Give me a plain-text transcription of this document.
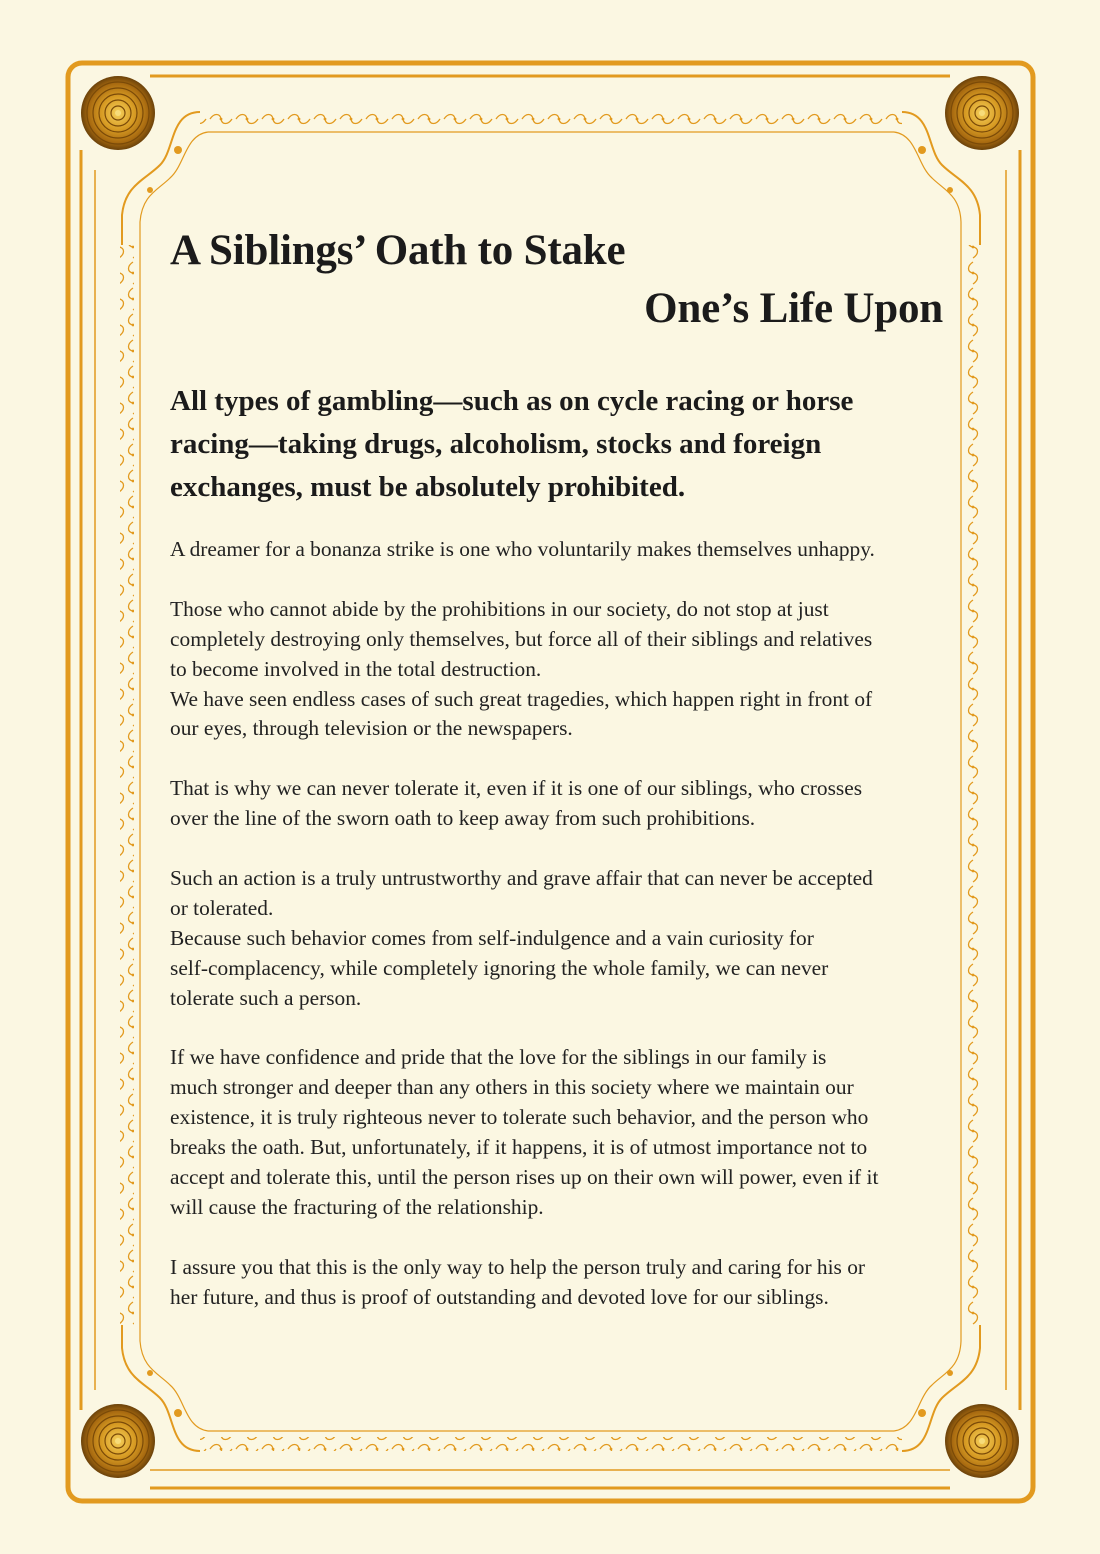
A Siblings’ Oath to Stake
One’s Life Upon

All types of gambling—such as on cycle racing or horse racing—taking drugs, alcoholism, stocks and foreign exchanges, must be absolutely prohibited.

A dreamer for a bonanza strike is one who voluntarily makes themselves unhappy.

Those who cannot abide by the prohibitions in our society, do not stop at just
completely destroying only themselves, but force all of their siblings and relatives
to become involved in the total destruction.
We have seen endless cases of such great tragedies, which happen right in front of
our eyes, through television or the newspapers.

That is why we can never tolerate it, even if it is one of our siblings, who crosses
over the line of the sworn oath to keep away from such prohibitions.

Such an action is a truly untrustworthy and grave affair that can never be accepted
or tolerated.
Because such behavior comes from self-indulgence and a vain curiosity for
self-complacency, while completely ignoring the whole family, we can never
tolerate such a person.

If we have confidence and pride that the love for the siblings in our family is
much stronger and deeper than any others in this society where we maintain our
existence, it is truly righteous never to tolerate such behavior, and the person who
breaks the oath. But, unfortunately, if it happens, it is of utmost importance not to
accept and tolerate this, until the person rises up on their own will power, even if it
will cause the fracturing of the relationship.

I assure you that this is the only way to help the person truly and caring for his or
her future, and thus is proof of outstanding and devoted love for our siblings.
